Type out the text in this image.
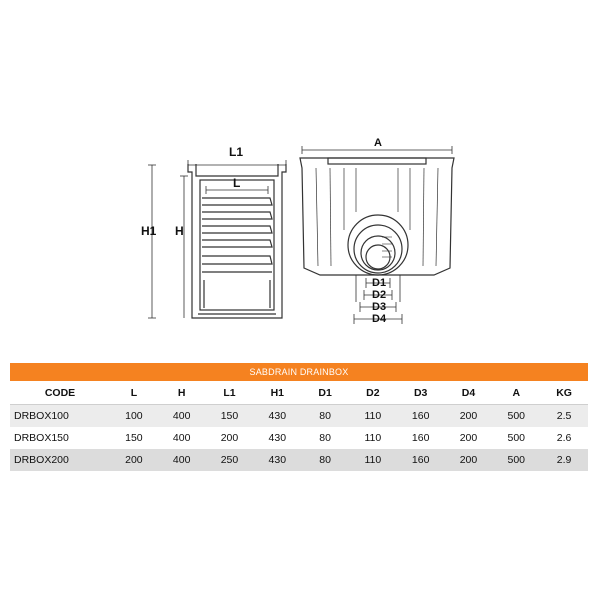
L1
L
H1 H
A
D1
D2
D3
D4
SABDRAIN DRAINBOX										
CODE	L	H	L1	H1	D1	D2	D3	D4	A	KG
DRBOX100	100	400	150	430	80	110	160	200	500	2.5
DRBOX150	150	400	200	430	80	110	160	200	500	2.6
DRBOX200	200	400	250	430	80	110	160	200	500	2.9
